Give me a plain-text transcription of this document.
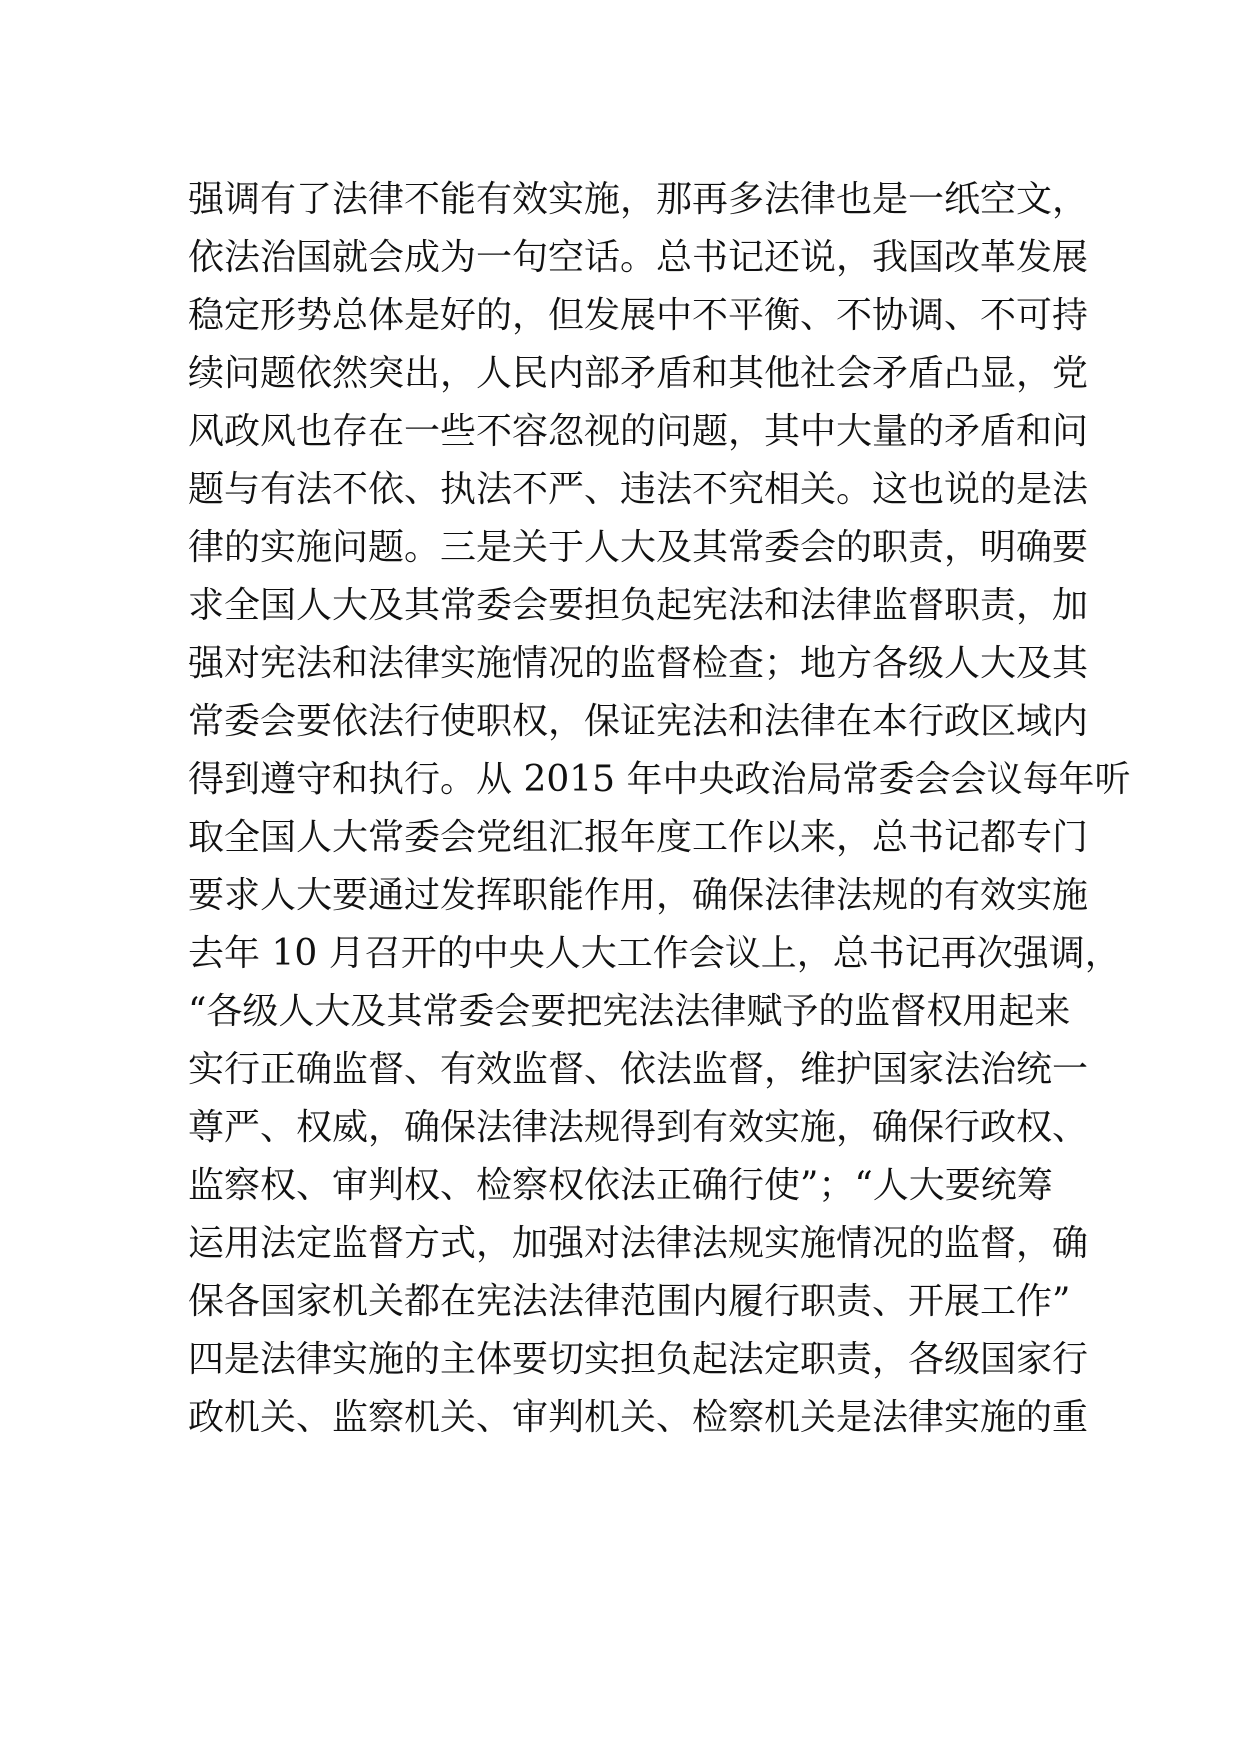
强调有了法律不能有效实施，那再多法律也是一纸空文，
依法治国就会成为一句空话。总书记还说，我国改革发展
稳定形势总体是好的，但发展中不平衡、不协调、不可持
续问题依然突出，人民内部矛盾和其他社会矛盾凸显，党
风政风也存在一些不容忽视的问题，其中大量的矛盾和问
题与有法不依、执法不严、违法不究相关。这也说的是法
律的实施问题。三是关于人大及其常委会的职责，明确要
求全国人大及其常委会要担负起宪法和法律监督职责，加
强对宪法和法律实施情况的监督检查；地方各级人大及其
常委会要依法行使职权，保证宪法和法律在本行政区域内
得到遵守和执行。从 2015 年中央政治局常委会会议每年听
取全国人大常委会党组汇报年度工作以来，总书记都专门
要求人大要通过发挥职能作用，确保法律法规的有效实施
去年 10 月召开的中央人大工作会议上，总书记再次强调，
“各级人大及其常委会要把宪法法律赋予的监督权用起来
实行正确监督、有效监督、依法监督，维护国家法治统一
尊严、权威，确保法律法规得到有效实施，确保行政权、
监察权、审判权、检察权依法正确行使”；“人大要统筹
运用法定监督方式，加强对法律法规实施情况的监督，确
保各国家机关都在宪法法律范围内履行职责、开展工作”
四是法律实施的主体要切实担负起法定职责，各级国家行
政机关、监察机关、审判机关、检察机关是法律实施的重
